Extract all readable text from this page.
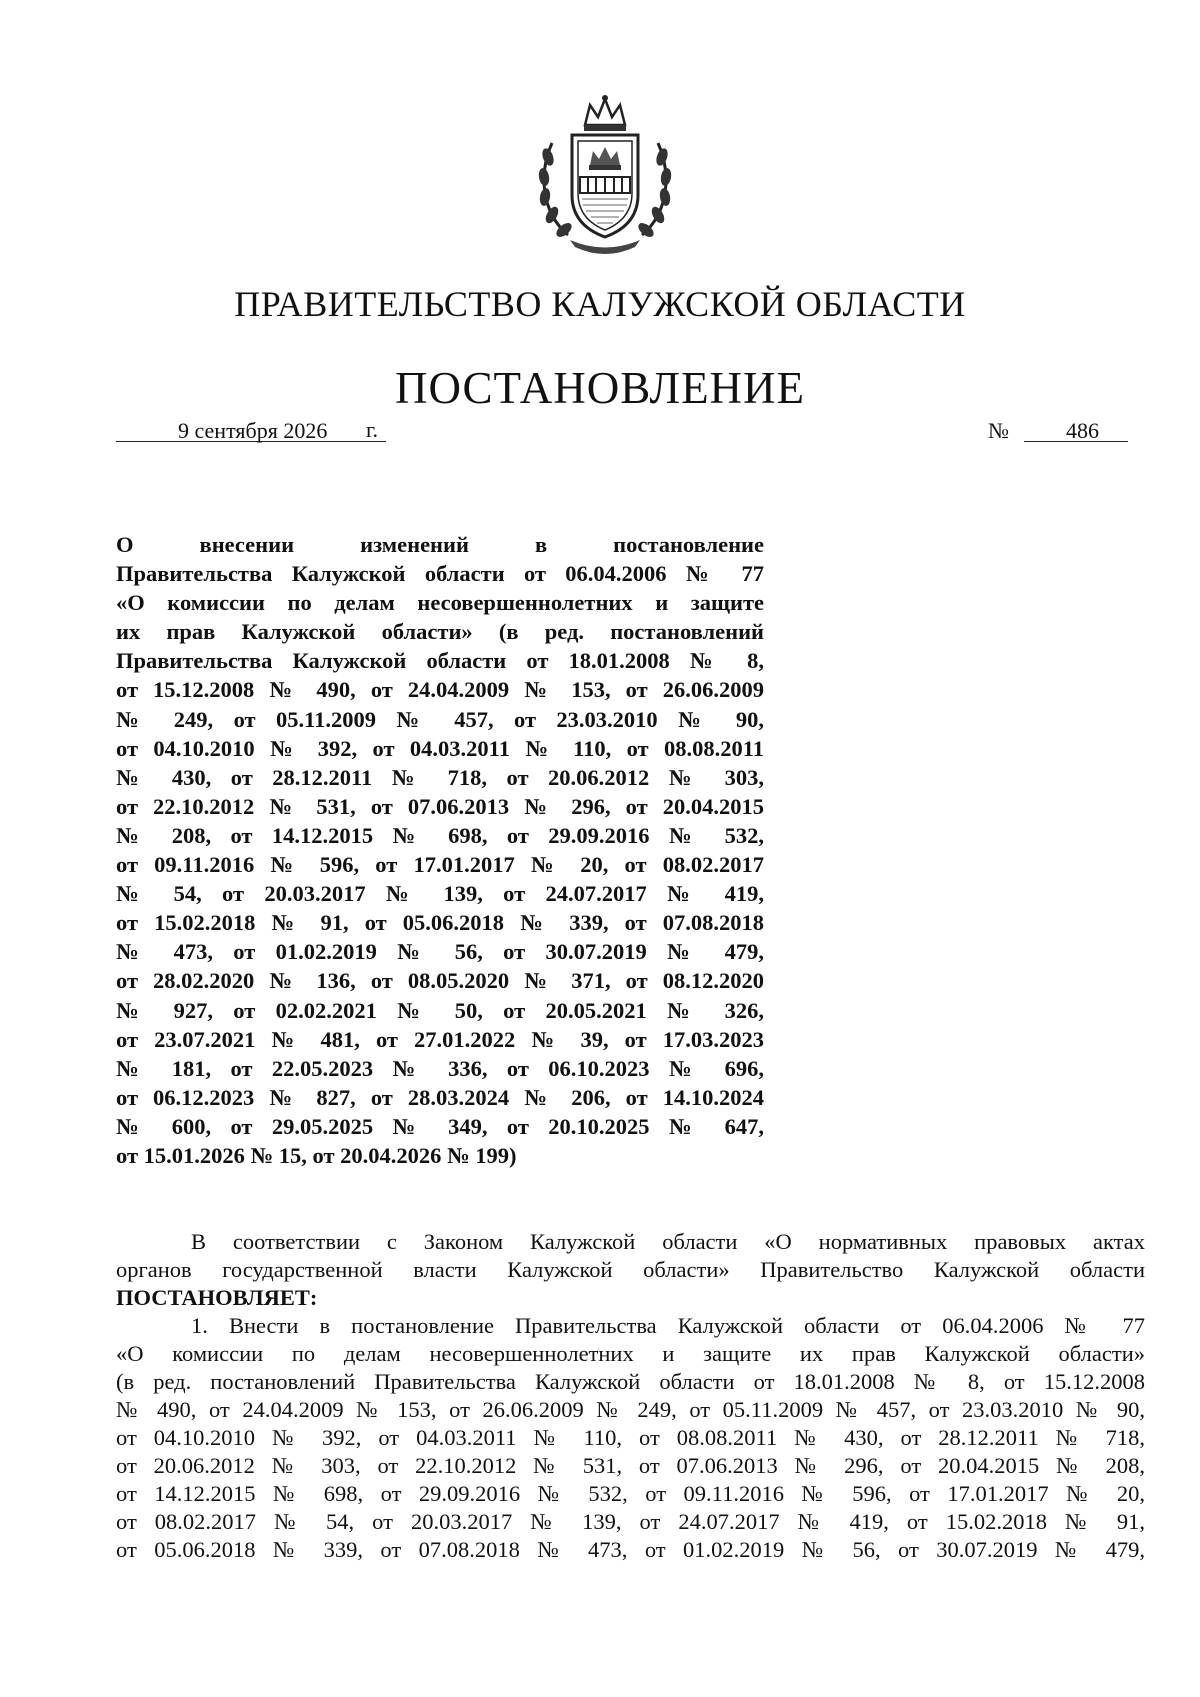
ПРАВИТЕЛЬСТВО КАЛУЖСКОЙ ОБЛАСТИ
ПОСТАНОВЛЕНИЕ
9 сентября 2026 г.	№	486
О внесении изменений в постановление
Правительства Калужской области от 06.04.2006 № 77
«О комиссии по делам несовершеннолетних и защите
их прав Калужской области» (в ред. постановлений
Правительства Калужской области от 18.01.2008 № 8,
от 15.12.2008 № 490, от 24.04.2009 № 153, от 26.06.2009
№ 249, от 05.11.2009 № 457, от 23.03.2010 № 90,
от 04.10.2010 № 392, от 04.03.2011 № 110, от 08.08.2011
№ 430, от 28.12.2011 № 718, от 20.06.2012 № 303,
от 22.10.2012 № 531, от 07.06.2013 № 296, от 20.04.2015
№ 208, от 14.12.2015 № 698, от 29.09.2016 № 532,
от 09.11.2016 № 596, от 17.01.2017 № 20, от 08.02.2017
№ 54, от 20.03.2017 № 139, от 24.07.2017 № 419,
от 15.02.2018 № 91, от 05.06.2018 № 339, от 07.08.2018
№ 473, от 01.02.2019 № 56, от 30.07.2019 № 479,
от 28.02.2020 № 136, от 08.05.2020 № 371, от 08.12.2020
№ 927, от 02.02.2021 № 50, от 20.05.2021 № 326,
от 23.07.2021 № 481, от 27.01.2022 № 39, от 17.03.2023
№ 181, от 22.05.2023 № 336, от 06.10.2023 № 696,
от 06.12.2023 № 827, от 28.03.2024 № 206, от 14.10.2024
№ 600, от 29.05.2025 № 349, от 20.10.2025 № 647,
от 15.01.2026 № 15, от 20.04.2026 № 199)
В соответствии с Законом Калужской области «О нормативных правовых актах
органов государственной власти Калужской области» Правительство Калужской области
ПОСТАНОВЛЯЕТ:
1. Внести в постановление Правительства Калужской области от 06.04.2006 № 77
«О комиссии по делам несовершеннолетних и защите их прав Калужской области»
(в ред. постановлений Правительства Калужской области от 18.01.2008 № 8, от 15.12.2008
№ 490, от 24.04.2009 № 153, от 26.06.2009 № 249, от 05.11.2009 № 457, от 23.03.2010 № 90,
от 04.10.2010 № 392, от 04.03.2011 № 110, от 08.08.2011 № 430, от 28.12.2011 № 718,
от 20.06.2012 № 303, от 22.10.2012 № 531, от 07.06.2013 № 296, от 20.04.2015 № 208,
от 14.12.2015 № 698, от 29.09.2016 № 532, от 09.11.2016 № 596, от 17.01.2017 № 20,
от 08.02.2017 № 54, от 20.03.2017 № 139, от 24.07.2017 № 419, от 15.02.2018 № 91,
от 05.06.2018 № 339, от 07.08.2018 № 473, от 01.02.2019 № 56, от 30.07.2019 № 479,
